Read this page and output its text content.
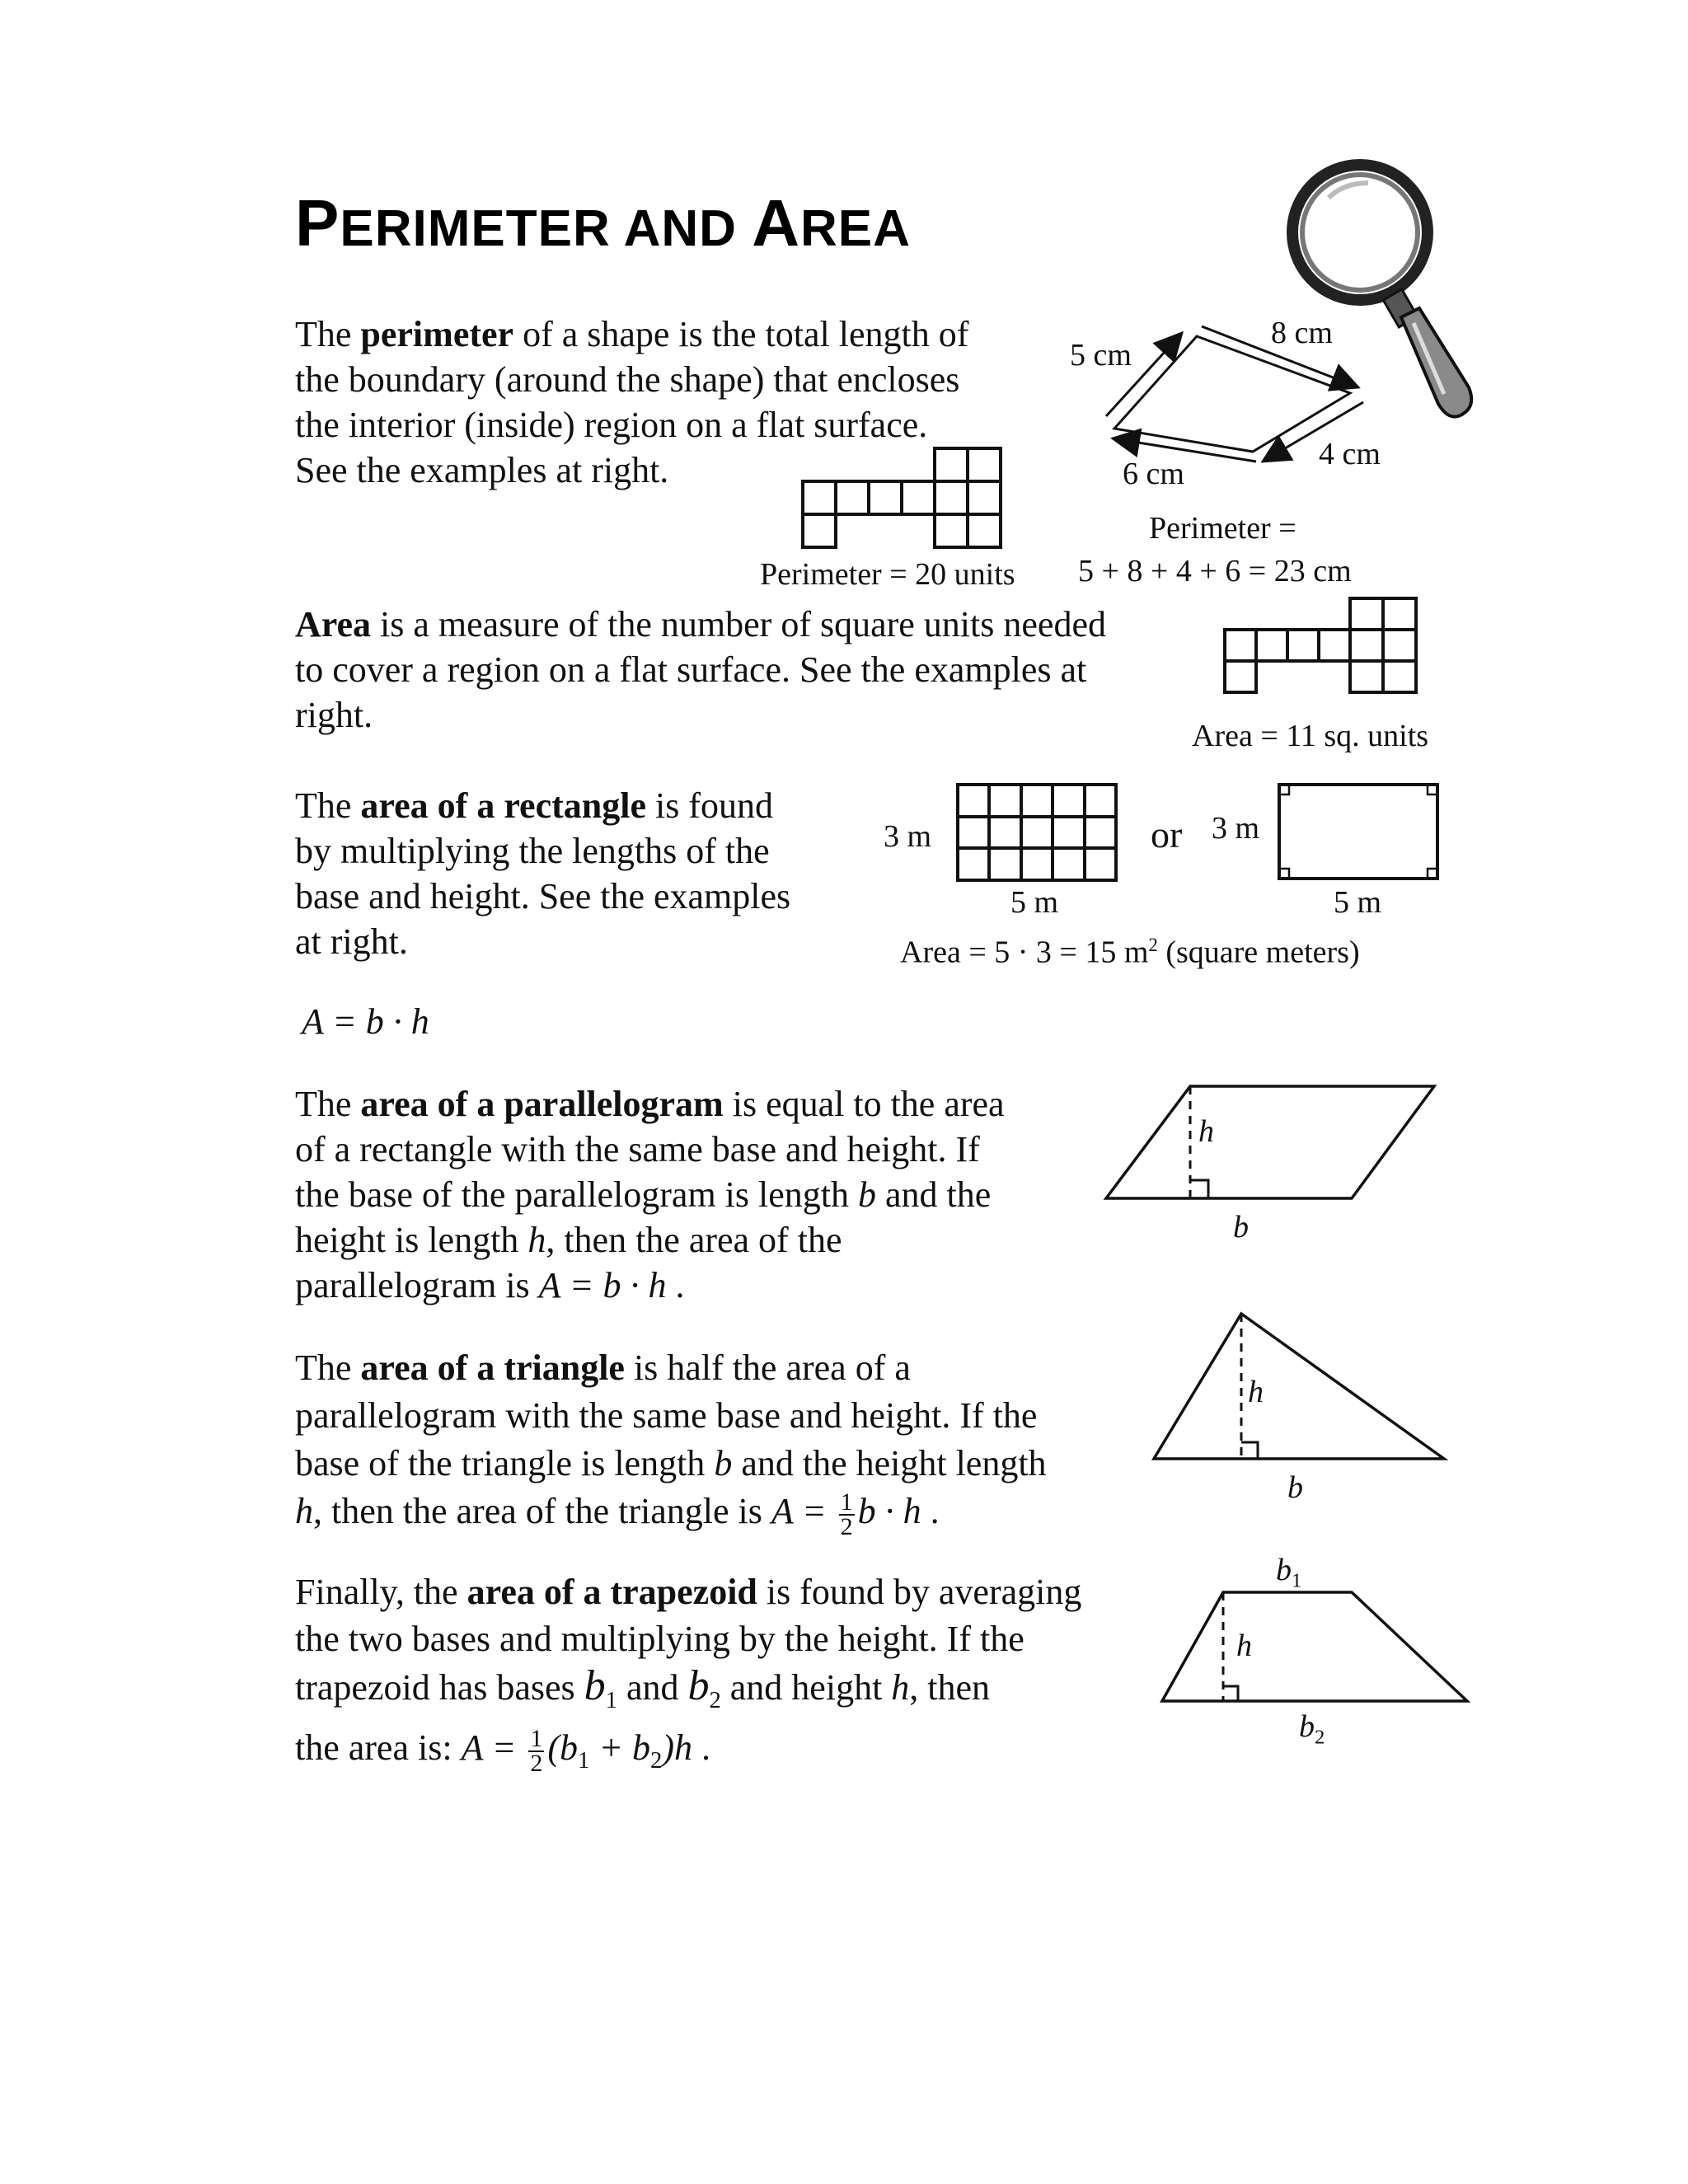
PERIMETER AND AREA
The perimeter of a shape is the total length of
the boundary (around the shape) that encloses
the interior (inside) region on a flat surface.
See the examples at right.
5 cm
8 cm
4 cm
6 cm
Perimeter = 20 units
Perimeter =
5 + 8 + 4 + 6 = 23 cm
Area is a measure of the number of square units needed
to cover a region on a flat surface. See the examples at
right.
Area = 11 sq. units
The area of a rectangle is found
by multiplying the lengths of the
base and height. See the examples
at right.
3 m
5 m
or 3 m
5 m
Area = 5 · 3 = 15 $m^2$ (square meters)
A = b · h
The area of a parallelogram is equal to the area
of a rectangle with the same base and height. If
the base of the parallelogram is length b and the
height is length h, then the area of the
parallelogram is A = b · h .
h
b
The area of a triangle is half the area of a
parallelogram with the same base and height. If the
base of the triangle is length b and the height length
h, then the area of the triangle is $A = \frac{1}{2}$ b · h .
h
b
Finally, the area of a trapezoid is found by averaging
the two bases and multiplying by the height. If the
trapezoid has bases $b_1$ and $b_2$ and height h, then
the area is: $A = \frac{1}{2} (b_1 + b_2)h$ .
h
$b_1$
$b_2$
